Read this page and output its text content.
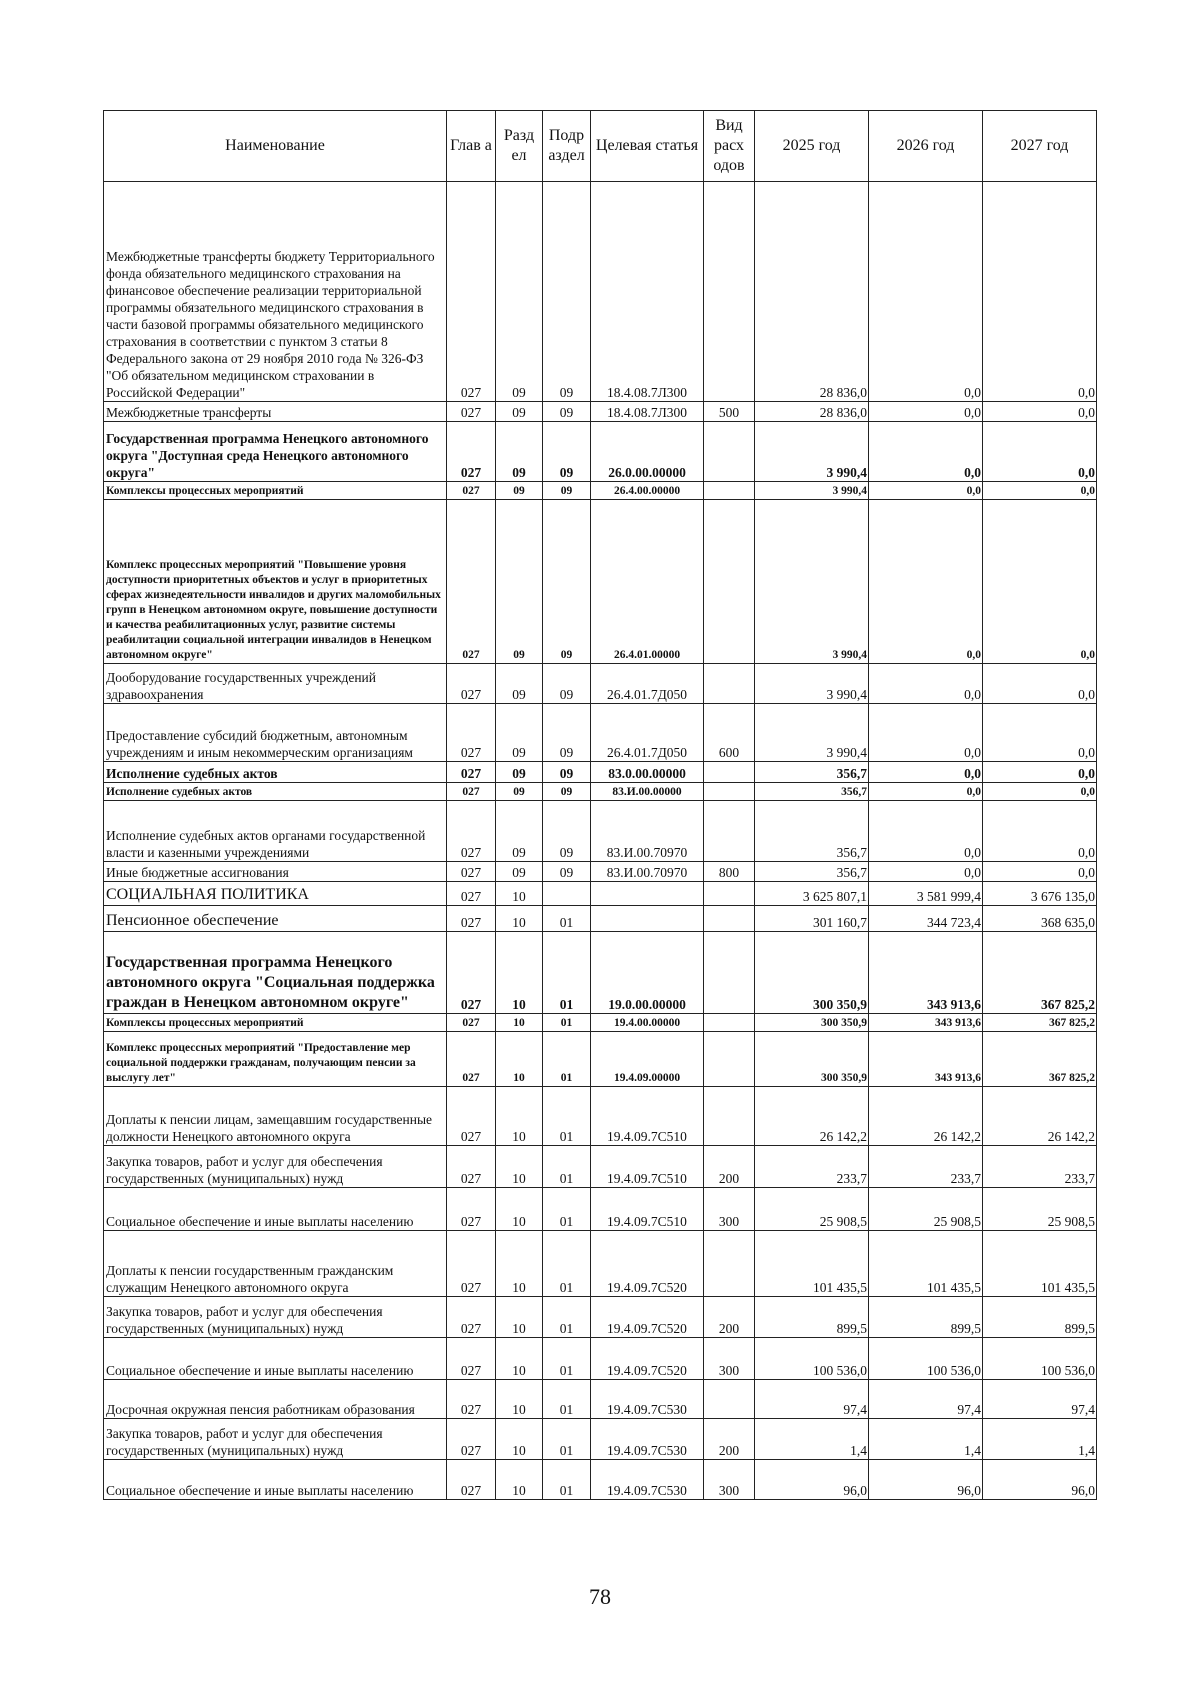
Наименование	Глав а	Разд ел	Подр аздел	Целевая статья	Вид расх одов	2025 год	2026 год	2027 год
Межбюджетные трансферты бюджету Территориального фонда обязательного медицинского страхования на финансовое обеспечение реализации территориальной программы обязательного медицинского страхования в части базовой программы обязательного медицинского страхования в соответствии с пунктом 3 статьи 8 Федерального закона от 29 ноября 2010 года № 326-ФЗ "Об обязательном медицинском страховании в Российской Федерации"	027	09	09	18.4.08.7Л300		28 836,0	0,0	0,0
Межбюджетные трансферты	027	09	09	18.4.08.7Л300	500	28 836,0	0,0	0,0
Государственная программа Ненецкого автономного округа "Доступная среда Ненецкого автономного округа"	027	09	09	26.0.00.00000		3 990,4	0,0	0,0
Комплексы процессных мероприятий	027	09	09	26.4.00.00000		3 990,4	0,0	0,0
Комплекс процессных мероприятий "Повышение уровня доступности приоритетных объектов и услуг в приоритетных сферах жизнедеятельности инвалидов и других маломобильных групп в Ненецком автономном округе, повышение доступности и качества реабилитационных услуг, развитие системы реабилитации социальной интеграции инвалидов в Ненецком автономном округе"	027	09	09	26.4.01.00000		3 990,4	0,0	0,0
Дооборудование государственных учреждений здравоохранения	027	09	09	26.4.01.7Д050		3 990,4	0,0	0,0
Предоставление субсидий бюджетным, автономным учреждениям и иным некоммерческим организациям	027	09	09	26.4.01.7Д050	600	3 990,4	0,0	0,0
Исполнение судебных актов	027	09	09	83.0.00.00000		356,7	0,0	0,0
Исполнение судебных актов	027	09	09	83.И.00.00000		356,7	0,0	0,0
Исполнение судебных актов органами государственной власти и казенными учреждениями	027	09	09	83.И.00.70970		356,7	0,0	0,0
Иные бюджетные ассигнования	027	09	09	83.И.00.70970	800	356,7	0,0	0,0
СОЦИАЛЬНАЯ ПОЛИТИКА	027	10				3 625 807,1	3 581 999,4	3 676 135,0
Пенсионное обеспечение	027	10	01			301 160,7	344 723,4	368 635,0
Государственная программа Ненецкого автономного округа "Социальная поддержка граждан в Ненецком автономном округе"	027	10	01	19.0.00.00000		300 350,9	343 913,6	367 825,2
Комплексы процессных мероприятий	027	10	01	19.4.00.00000		300 350,9	343 913,6	367 825,2
Комплекс процессных мероприятий "Предоставление мер социальной поддержки гражданам, получающим пенсии за выслугу лет"	027	10	01	19.4.09.00000		300 350,9	343 913,6	367 825,2
Доплаты к пенсии лицам, замещавшим государственные должности Ненецкого автономного округа	027	10	01	19.4.09.7С510		26 142,2	26 142,2	26 142,2
Закупка товаров, работ и услуг для обеспечения государственных (муниципальных) нужд	027	10	01	19.4.09.7С510	200	233,7	233,7	233,7
Социальное обеспечение и иные выплаты населению	027	10	01	19.4.09.7С510	300	25 908,5	25 908,5	25 908,5
Доплаты к пенсии государственным гражданским служащим Ненецкого автономного округа	027	10	01	19.4.09.7С520		101 435,5	101 435,5	101 435,5
Закупка товаров, работ и услуг для обеспечения государственных (муниципальных) нужд	027	10	01	19.4.09.7С520	200	899,5	899,5	899,5
Социальное обеспечение и иные выплаты населению	027	10	01	19.4.09.7С520	300	100 536,0	100 536,0	100 536,0
Досрочная окружная пенсия работникам образования	027	10	01	19.4.09.7С530		97,4	97,4	97,4
Закупка товаров, работ и услуг для обеспечения государственных (муниципальных) нужд	027	10	01	19.4.09.7С530	200	1,4	1,4	1,4
Социальное обеспечение и иные выплаты населению	027	10	01	19.4.09.7С530	300	96,0	96,0	96,0
78
